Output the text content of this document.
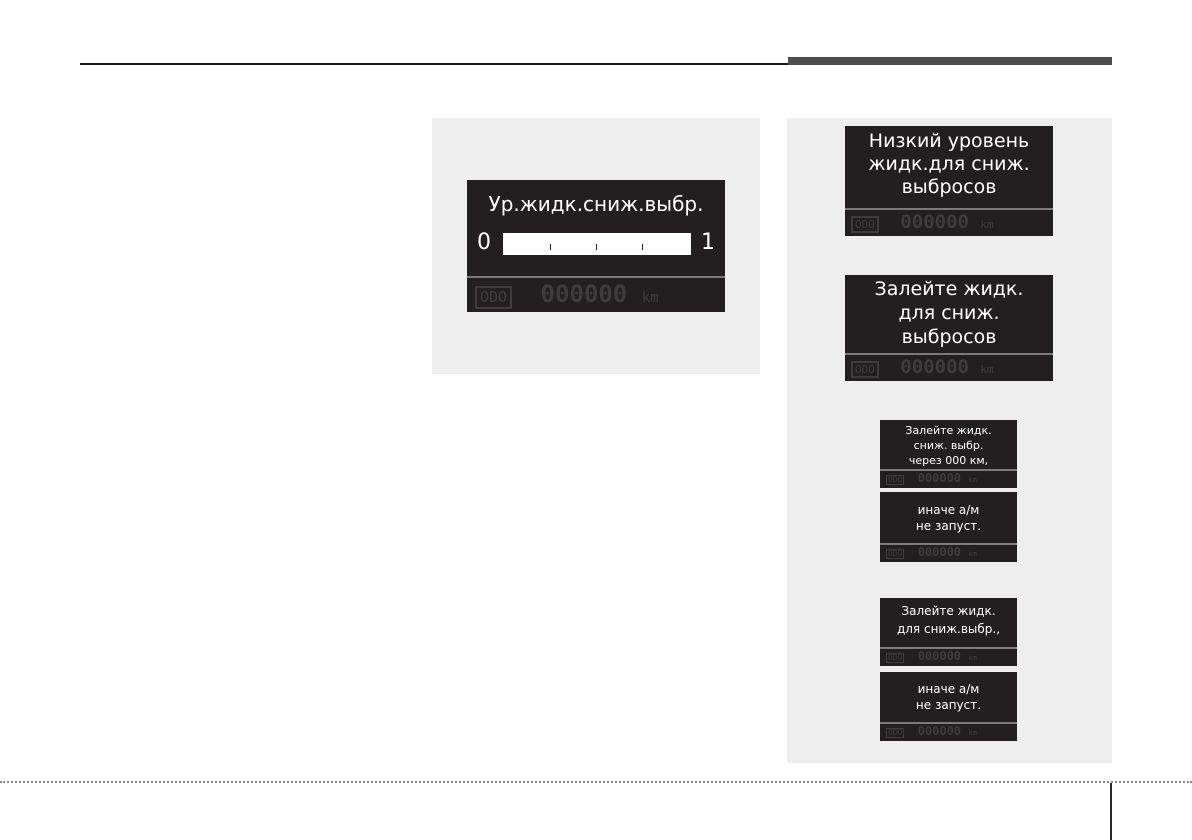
Ур.жидк.сниж.выбр.
0	1
ODO 000000 km
Низкий уровень
жидк.для сниж.
выбросов
ODO 000000 km
Залейте жидк.
для сниж.
выбросов
ODO 000000 km
Залейте жидк.
сниж. выбр.
через 000 км,
ODO 000000 km
иначе а/м
не запуст.
ODO 000000 km
Залейте жидк.
для сниж.выбр.,
ODO 000000 km
иначе а/м
не запуст.
ODO 000000 km
